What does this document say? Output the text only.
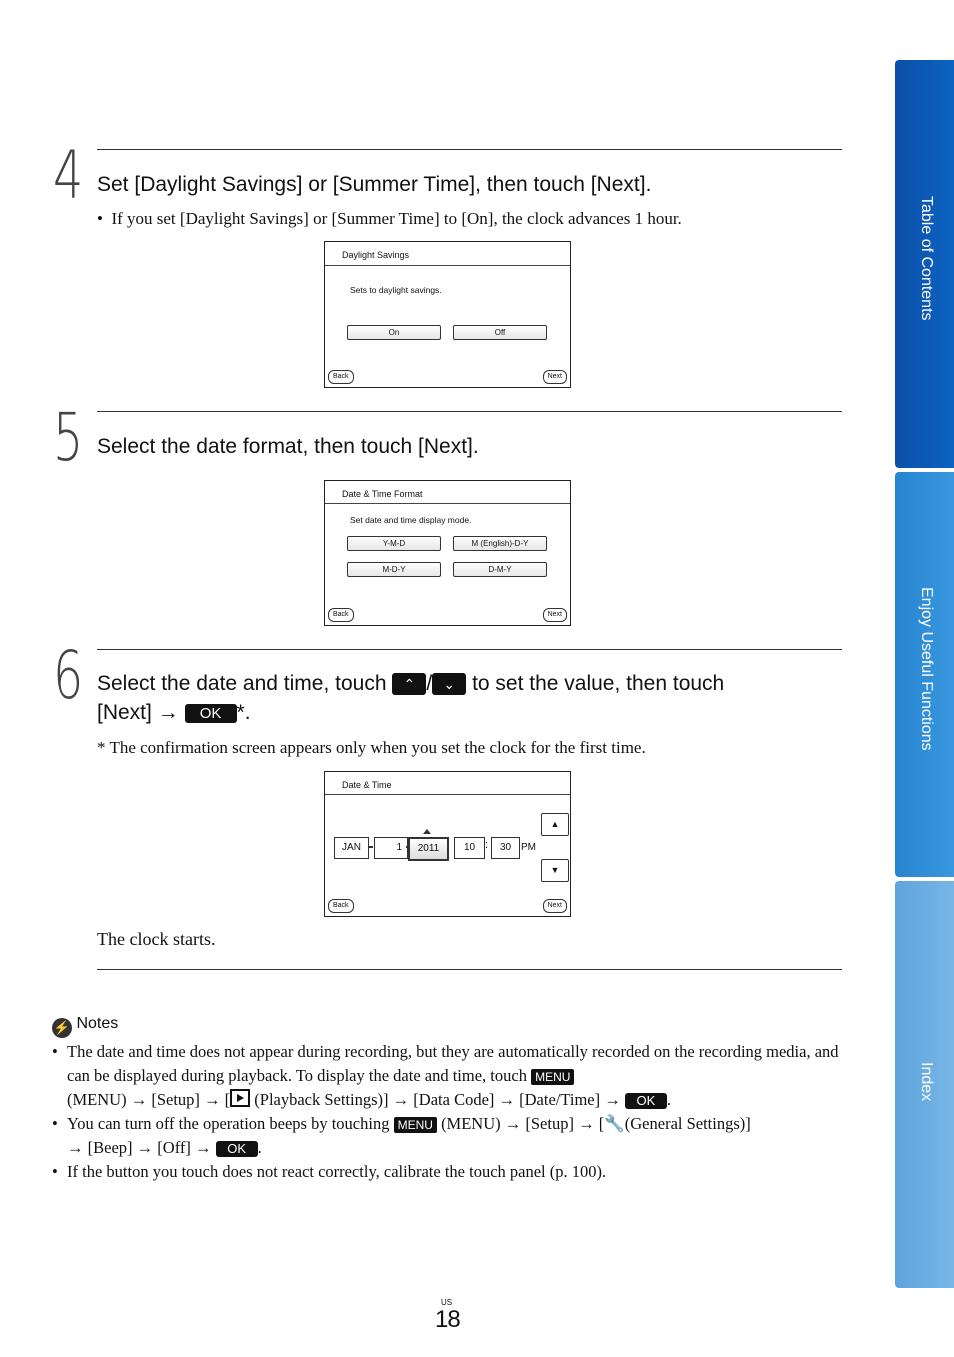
Table of Contents
Enjoy Useful Functions
Index
4 Set [Daylight Savings] or [Summer Time], then touch [Next].
•  If you set [Daylight Savings] or [Summer Time] to [On], the clock advances 1 hour.
Daylight Savings
Sets to daylight savings.
On	Off
Back	Next
5 Select the date format, then touch [Next].
Date & Time Format
Set date and time display mode.
Y-M-D	M (English)-D-Y
M-D-Y	D-M-Y
Back	Next
6 Select the date and time, touch ⌃ / ⌄ to set the value, then touch
[Next] → OK *.
* The confirmation screen appears only when you set the clock for the first time.
Date & Time
▲
JAN	1	2011	10 :	30 PM
▼
Back	Next
The clock starts.
⚡ Notes
• The date and time does not appear during recording, but they are automatically recorded on the recording media, and can be displayed during playback. To display the date and time, touch MENU
(MENU) → [Setup] → [ (Playback Settings)] → [Data Code] → [Date/Time] → OK .
• You can turn off the operation beeps by touching MENU (MENU) → [Setup] → [🔧(General Settings)]
→ [Beep] → [Off] → OK .
• If the button you touch does not react correctly, calibrate the touch panel (p. 100).
US
18
